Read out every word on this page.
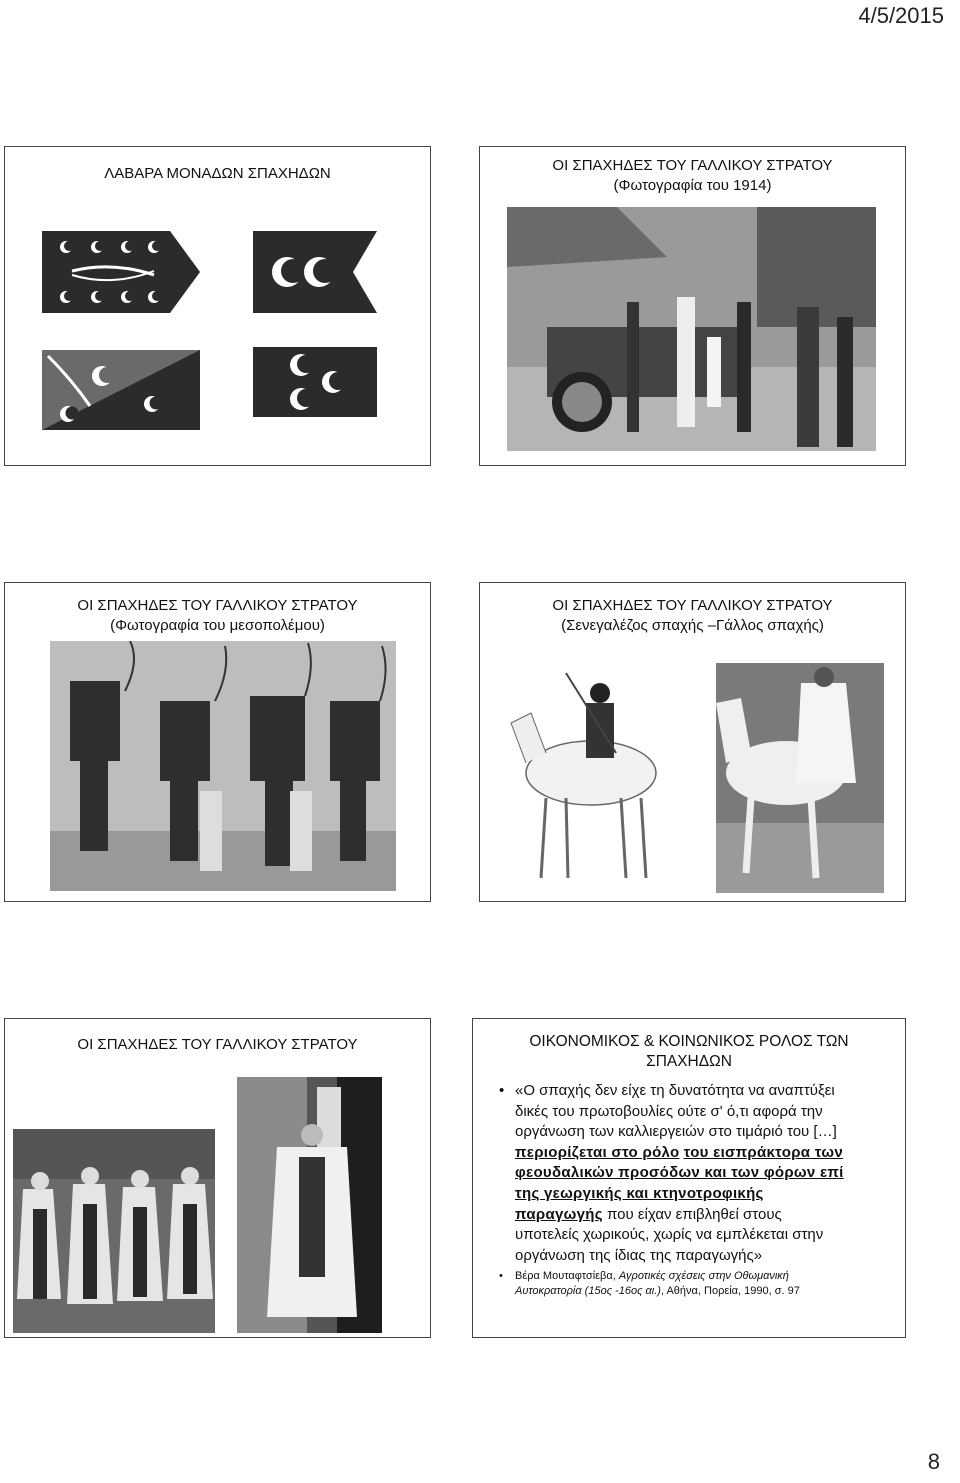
4/5/2015
ΛΑΒΑΡΑ ΜΟΝΑΔΩΝ ΣΠΑΧΗΔΩΝ	ΟΙ ΣΠΑΧΗΔΕΣ ΤΟΥ ΓΑΛΛΙΚΟΥ ΣΤΡΑΤΟΥ
(Φωτογραφία του 1914)
ΟΙ ΣΠΑΧΗΔΕΣ ΤΟΥ ΓΑΛΛΙΚΟΥ ΣΤΡΑΤΟΥ
(Φωτογραφία του μεσοπολέμου)
ΟΙ ΣΠΑΧΗΔΕΣ ΤΟΥ ΓΑΛΛΙΚΟΥ ΣΤΡΑΤΟΥ
(Σενεγαλέζος σπαχής –Γάλλος σπαχής)
ΟΙ ΣΠΑΧΗΔΕΣ ΤΟΥ ΓΑΛΛΙΚΟΥ ΣΤΡΑΤΟΥ	ΟΙΚΟΝΟΜΙΚΟΣ & ΚΟΙΝΩΝΙΚΟΣ ΡΟΛΟΣ ΤΩΝ
ΣΠΑΧΗΔΩΝ
• «Ο σπαχής δεν είχε τη δυνατότητα να αναπτύξει
δικές του πρωτοβουλίες ούτε σ' ό,τι αφορά την
οργάνωση των καλλιεργειών στο τιμάριό του […]
περιορίζεται στο ρόλο του εισπράκτορα των
φεουδαλικών προσόδων και των φόρων επί
της γεωργικής και κτηνοτροφικής
παραγωγής που είχαν επιβληθεί στους
υποτελείς χωρικούς, χωρίς να εμπλέκεται στην
οργάνωση της ίδιας της παραγωγής»
• Βέρα Μουταφτσίεβα, Αγροτικές σχέσεις στην Οθωμανική
Αυτοκρατορία (15ος -16ος αι.), Αθήνα, Πορεία, 1990, σ. 97
8
